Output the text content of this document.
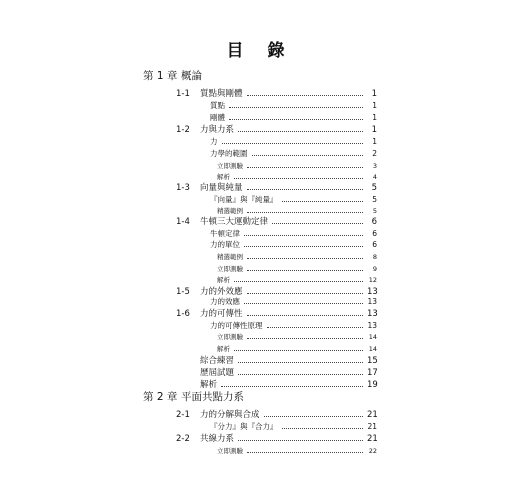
目 錄
第 1 章 概論
1-1 質點與剛體	1
質點	1
剛體	1
1-2 力與力系	1
力	1
力學的範圍	2
立即測驗	3
解析	4
1-3 向量與純量	5
『向量』與『純量』	5
精選範例	5
1-4 牛頓三大運動定律	6
牛頓定律	6
力的單位	6
精選範例	8
立即測驗	9
解析	12
1-5 力的外效應	13
力的效應	13
1-6 力的可傳性	13
力的可傳性原理	13
立即測驗	14
解析	14
綜合練習	15
歷屆試題	17
解析	19
第 2 章 平面共點力系
2-1 力的分解與合成	21
『分力』與『合力』	21
2-2 共線力系	21
立即測驗	22
